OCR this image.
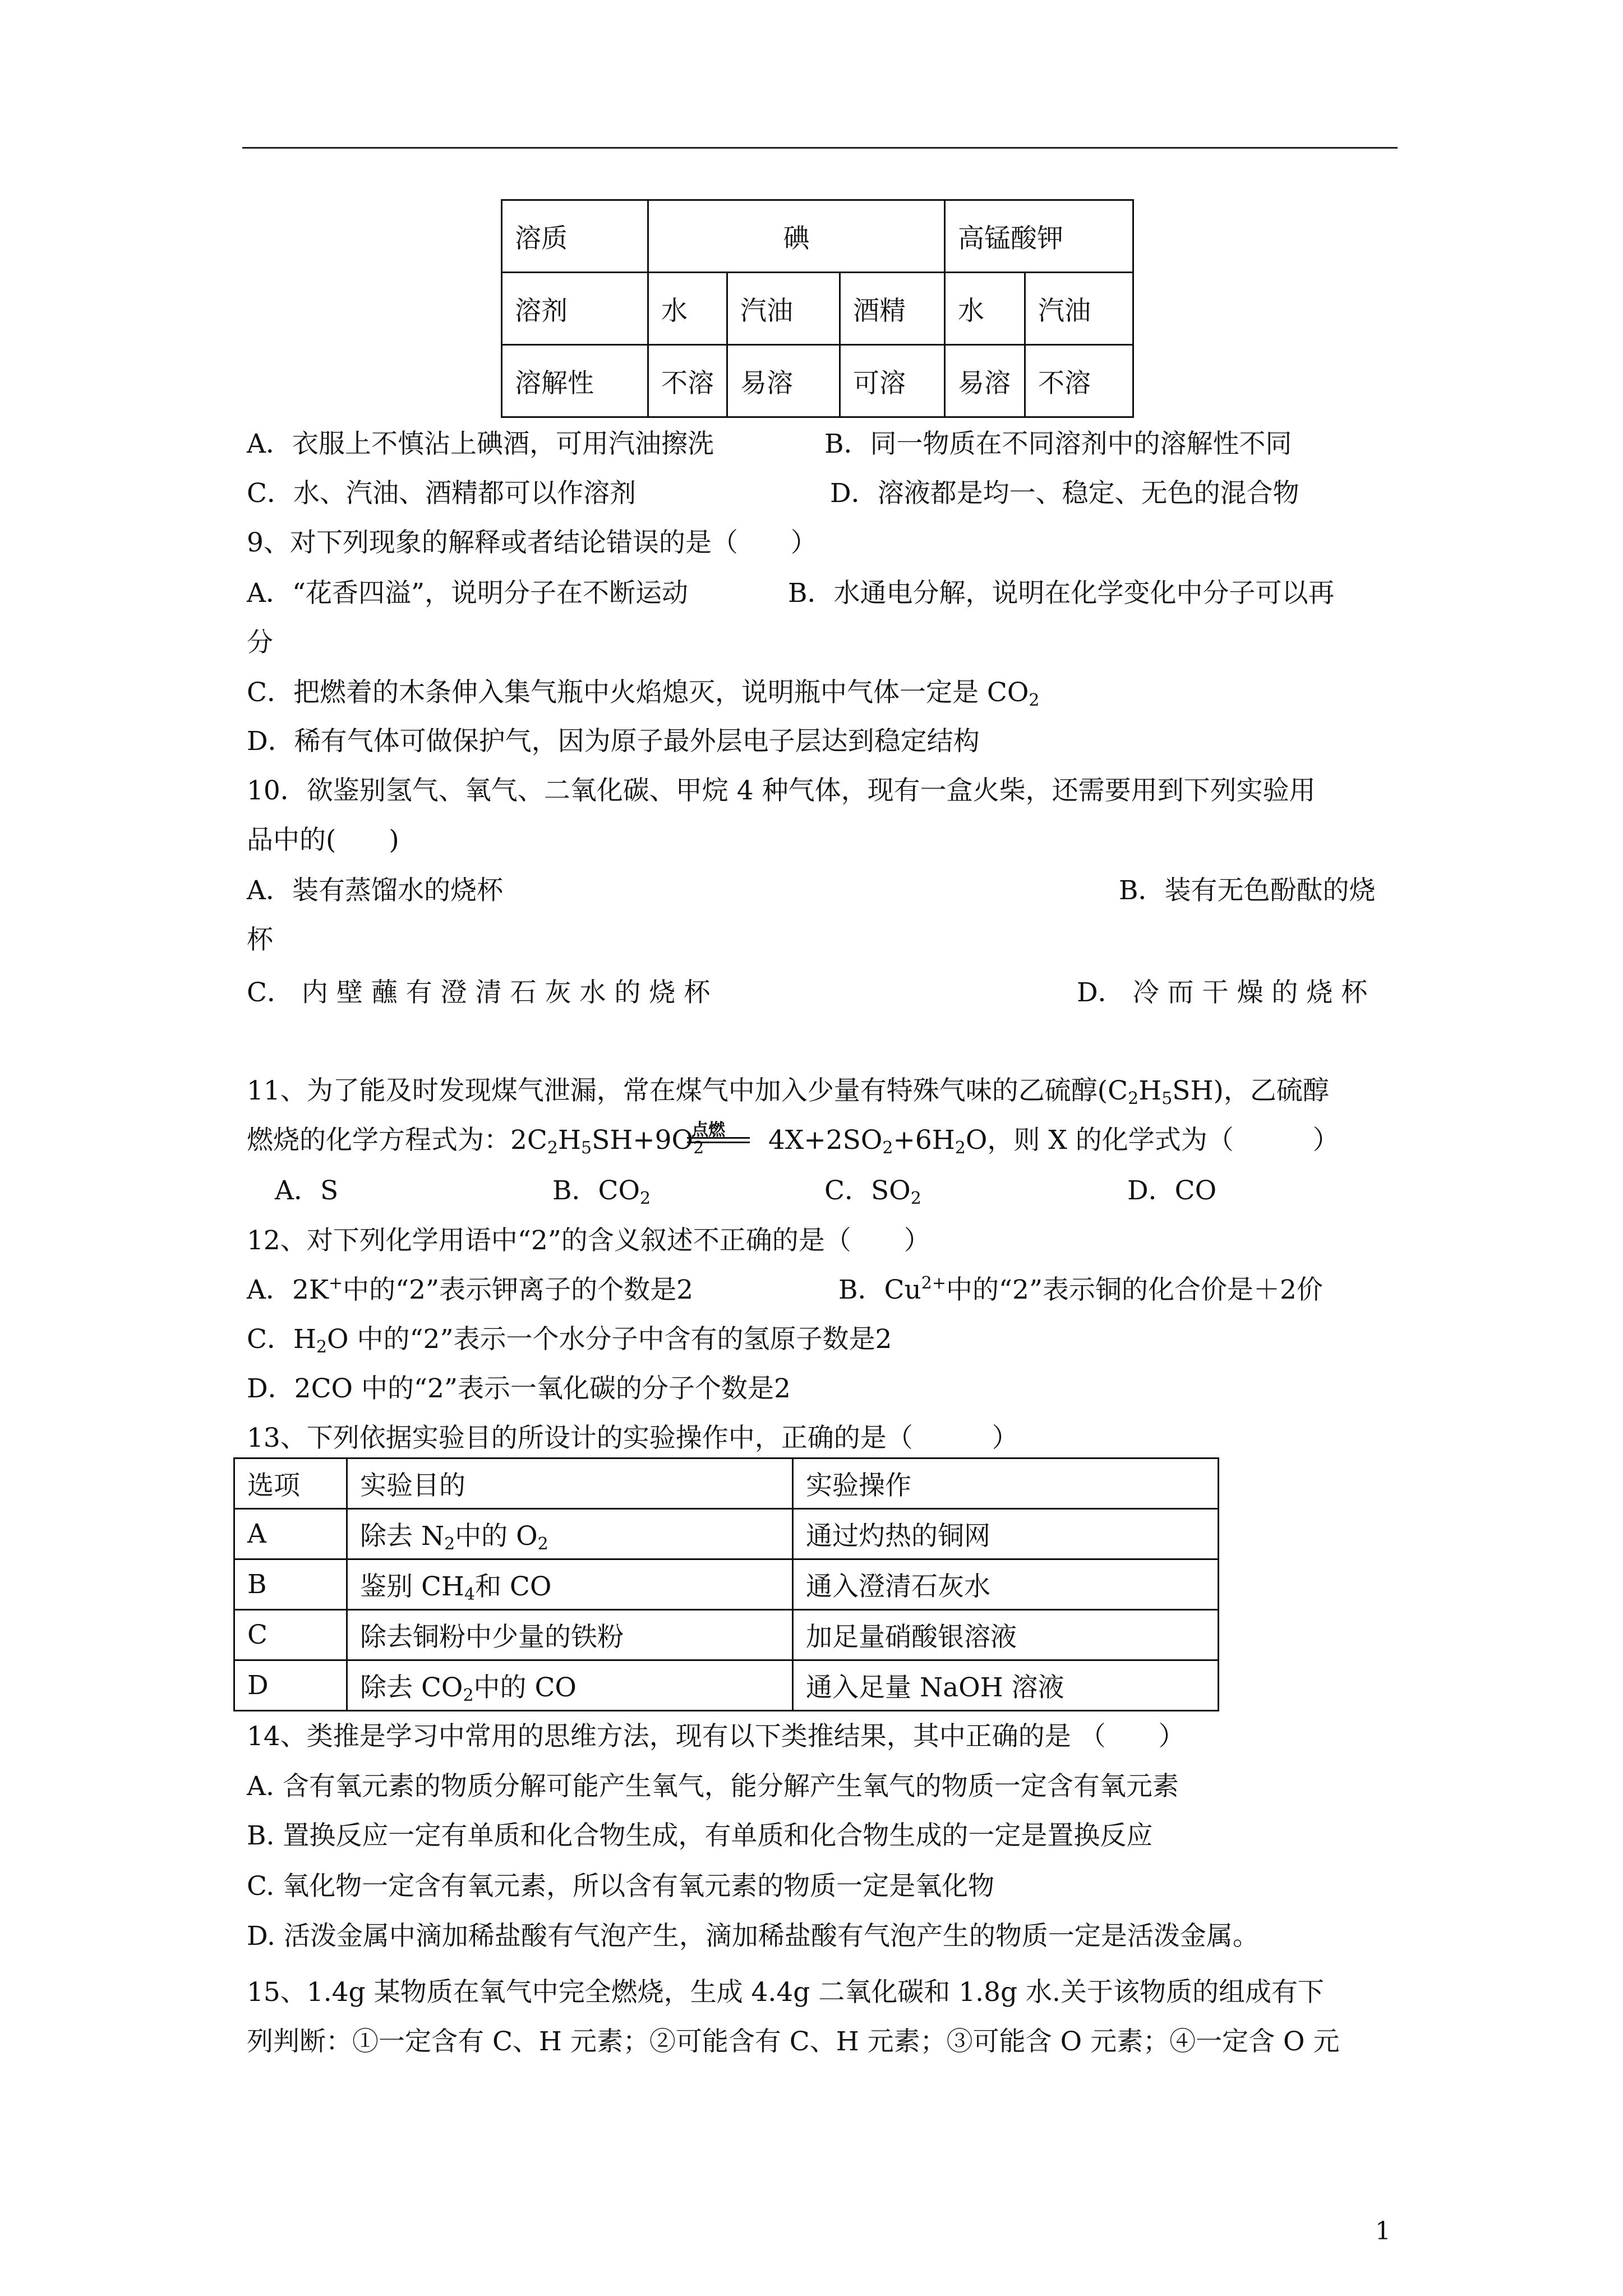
溶质	碘			高锰酸钾	
溶剂	水	汽油	酒精	水	汽油
溶解性	不溶	易溶	可溶	易溶	不溶
A．衣服上不慎沾上碘酒，可用汽油擦洗	B．同一物质在不同溶剂中的溶解性不同
C．水、汽油、酒精都可以作溶剂	D．溶液都是均一、稳定、无色的混合物
9、对下列现象的解释或者结论错误的是（　　）
A．“花香四溢”，说明分子在不断运动	B．水通电分解，说明在化学变化中分子可以再
分
C．把燃着的木条伸入集气瓶中火焰熄灭，说明瓶中气体一定是 $CO_2$
D．稀有气体可做保护气，因为原子最外层电子层达到稳定结构
10．欲鉴别氢气、氧气、二氧化碳、甲烷 4 种气体，现有一盒火柴，还需要用到下列实验用
品中的(　　)
A．装有蒸馏水的烧杯	B．装有无色酚酞的烧
杯
C． 内 壁 蘸 有 澄 清 石 灰 水 的 烧 杯	D． 冷 而 干 燥 的 烧 杯
11、为了能及时发现煤气泄漏，常在煤气中加入少量有特殊气味的乙硫醇$(C_2H_5SH)$，乙硫醇
燃烧的化学方程式为：$2C_2H_5SH+9O_2$
点燃 $4X+2SO_2+6H_2O$，则 X 的化学式为（　　　）
A．S	B．$CO_2$	C．$SO_2$	D．CO
12、对下列化学用语中“2”的含义叙述不正确的是（　　）
A．2K+中的“2”表示钾离子的个数是2	B．$Cu^{2+}$中的“2”表示铜的化合价是＋2价
C．$H_2O$ 中的“2”表示一个水分子中含有的氢原子数是2
D．2CO 中的“2”表示一氧化碳的分子个数是2
13、下列依据实验目的所设计的实验操作中，正确的是（　　　）
选项	实验目的	实验操作
A	除去 $N_2$中的 $O_2$	通过灼热的铜网
B	鉴别 $CH_4$和 CO	通入澄清石灰水
C	除去铜粉中少量的铁粉	加足量硝酸银溶液
D	除去 $CO_2$中的 CO	通入足量 NaOH 溶液
14、类推是学习中常用的思维方法，现有以下类推结果，其中正确的是 （　　）
A. 含有氧元素的物质分解可能产生氧气，能分解产生氧气的物质一定含有氧元素
B. 置换反应一定有单质和化合物生成，有单质和化合物生成的一定是置换反应
C. 氧化物一定含有氧元素，所以含有氧元素的物质一定是氧化物
D. 活泼金属中滴加稀盐酸有气泡产生，滴加稀盐酸有气泡产生的物质一定是活泼金属。
15、1.4g 某物质在氧气中完全燃烧，生成 4.4g 二氧化碳和 1.8g 水.关于该物质的组成有下
列判断：①一定含有 C、H 元素；②可能含有 C、H 元素；③可能含 O 元素；④一定含 O 元
1
